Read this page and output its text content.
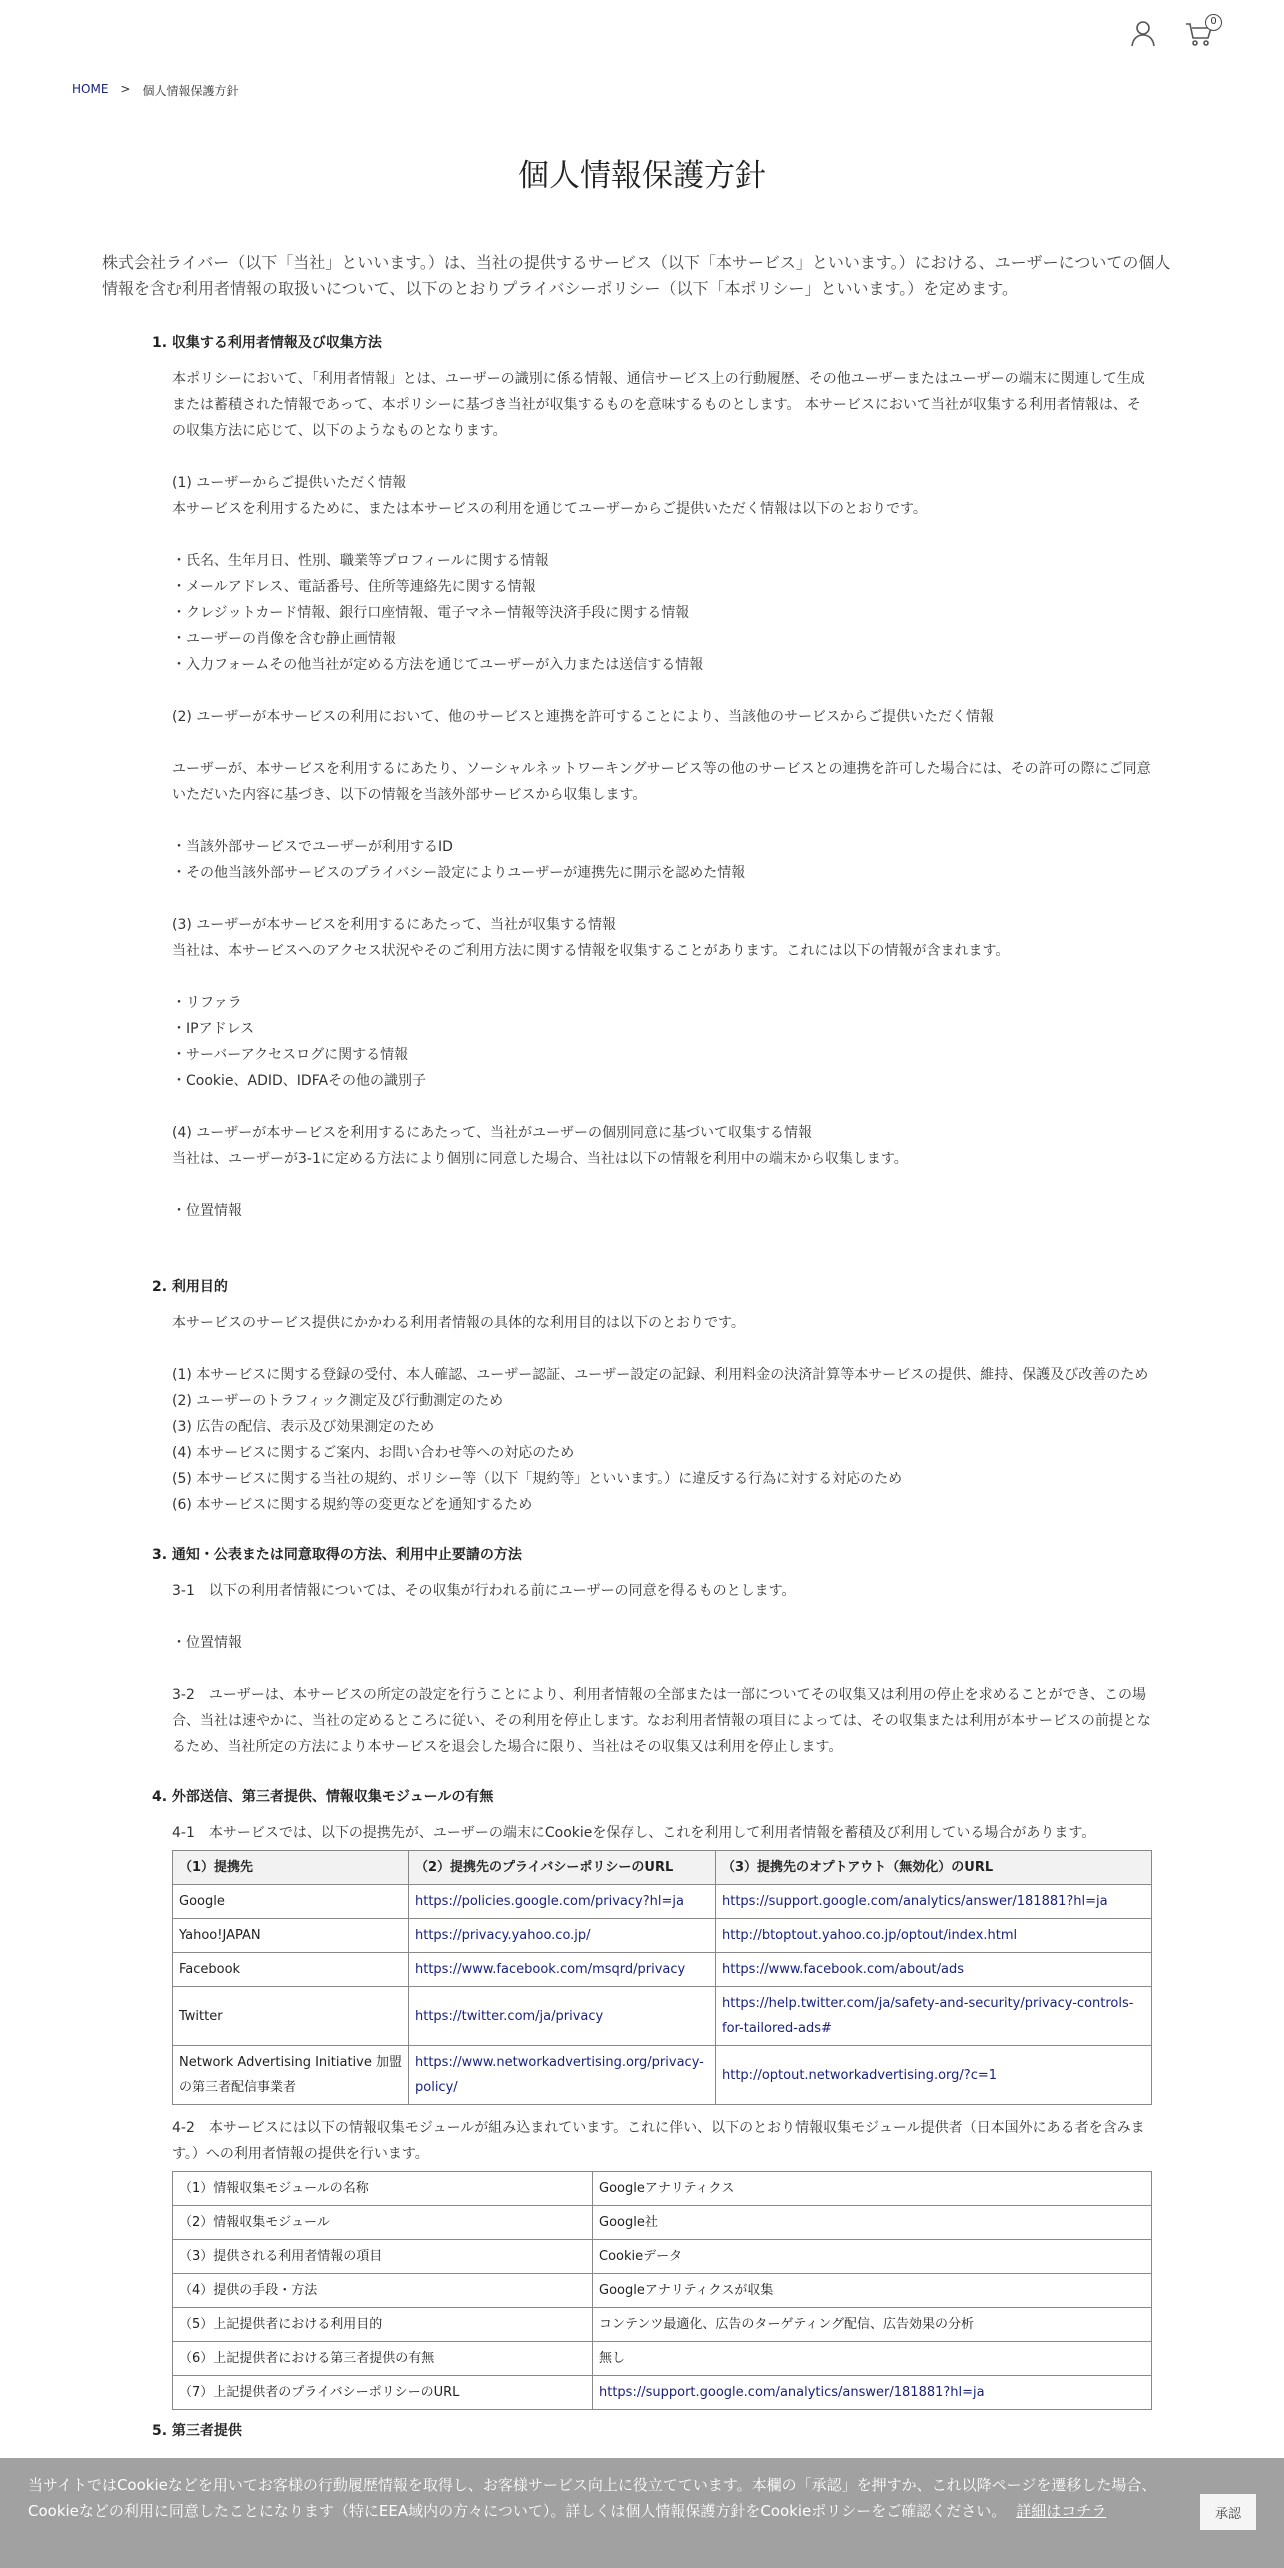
0
HOME > 個人情報保護方針
個人情報保護方針

株式会社ライバー（以下「当社」といいます。）は、当社の提供するサービス（以下「本サービス」といいます。）における、ユーザーについての個人情報を含む利用者情報の取扱いについて、以下のとおりプライバシーポリシー（以下「本ポリシー」といいます。）を定めます。

1. 収集する利用者情報及び収集方法

本ポリシーにおいて、「利用者情報」とは、ユーザーの識別に係る情報、通信サービス上の行動履歴、その他ユーザーまたはユーザーの端末に関連して生成または蓄積された情報であって、本ポリシーに基づき当社が収集するものを意味するものとします。 本サービスにおいて当社が収集する利用者情報は、その収集方法に応じて、以下のようなものとなります。

(1) ユーザーからご提供いただく情報

本サービスを利用するために、または本サービスの利用を通じてユーザーからご提供いただく情報は以下のとおりです。

・氏名、生年月日、性別、職業等プロフィールに関する情報

・メールアドレス、電話番号、住所等連絡先に関する情報

・クレジットカード情報、銀行口座情報、電子マネー情報等決済手段に関する情報

・ユーザーの肖像を含む静止画情報

・入力フォームその他当社が定める方法を通じてユーザーが入力または送信する情報

(2) ユーザーが本サービスの利用において、他のサービスと連携を許可することにより、当該他のサービスからご提供いただく情報

ユーザーが、本サービスを利用するにあたり、ソーシャルネットワーキングサービス等の他のサービスとの連携を許可した場合には、その許可の際にご同意いただいた内容に基づき、以下の情報を当該外部サービスから収集します。

・当該外部サービスでユーザーが利用するID

・その他当該外部サービスのプライバシー設定によりユーザーが連携先に開示を認めた情報

(3) ユーザーが本サービスを利用するにあたって、当社が収集する情報

当社は、本サービスへのアクセス状況やそのご利用方法に関する情報を収集することがあります。これには以下の情報が含まれます。

・リファラ

・IPアドレス

・サーバーアクセスログに関する情報

・Cookie、ADID、IDFAその他の識別子

(4) ユーザーが本サービスを利用するにあたって、当社がユーザーの個別同意に基づいて収集する情報

当社は、ユーザーが3-1に定める方法により個別に同意した場合、当社は以下の情報を利用中の端末から収集します。

・位置情報

2. 利用目的

本サービスのサービス提供にかかわる利用者情報の具体的な利用目的は以下のとおりです。

(1) 本サービスに関する登録の受付、本人確認、ユーザー認証、ユーザー設定の記録、利用料金の決済計算等本サービスの提供、維持、保護及び改善のため

(2) ユーザーのトラフィック測定及び行動測定のため

(3) 広告の配信、表示及び効果測定のため

(4) 本サービスに関するご案内、お問い合わせ等への対応のため

(5) 本サービスに関する当社の規約、ポリシー等（以下「規約等」といいます。）に違反する行為に対する対応のため

(6) 本サービスに関する規約等の変更などを通知するため

3. 通知・公表または同意取得の方法、利用中止要請の方法

3-1　以下の利用者情報については、その収集が行われる前にユーザーの同意を得るものとします。

・位置情報

3-2　ユーザーは、本サービスの所定の設定を行うことにより、利用者情報の全部または一部についてその収集又は利用の停止を求めることができ、この場合、当社は速やかに、当社の定めるところに従い、その利用を停止します。なお利用者情報の項目によっては、その収集または利用が本サービスの前提となるため、当社所定の方法により本サービスを退会した場合に限り、当社はその収集又は利用を停止します。

4. 外部送信、第三者提供、情報収集モジュールの有無

4-1　本サービスでは、以下の提携先が、ユーザーの端末にCookieを保存し、これを利用して利用者情報を蓄積及び利用している場合があります。

（1）提携先	（2）提携先のプライバシーポリシーのURL	（3）提携先のオプトアウト（無効化）のURL
Google	https://policies.google.com/privacy?hl=ja	https://support.google.com/analytics/answer/181881?hl=ja
Yahoo!JAPAN	https://privacy.yahoo.co.jp/	http://btoptout.yahoo.co.jp/optout/index.html
Facebook	https://www.facebook.com/msqrd/privacy	https://www.facebook.com/about/ads
Twitter	https://twitter.com/ja/privacy	https://help.twitter.com/ja/safety-and-security/privacy-controls-for-tailored-ads#
Network Advertising Initiative 加盟の第三者配信事業者	https://www.networkadvertising.org/privacy-policy/	http://optout.networkadvertising.org/?c=1

4-2　本サービスには以下の情報収集モジュールが組み込まれています。これに伴い、以下のとおり情報収集モジュール提供者（日本国外にある者を含みます。）への利用者情報の提供を行います。

（1）情報収集モジュールの名称	Googleアナリティクス
（2）情報収集モジュール	Google社
（3）提供される利用者情報の項目	Cookieデータ
（4）提供の手段・方法	Googleアナリティクスが収集
（5）上記提供者における利用目的	コンテンツ最適化、広告のターゲティング配信、広告効果の分析
（6）上記提供者における第三者提供の有無	無し
（7）上記提供者のプライバシーポリシーのURL	https://support.google.com/analytics/answer/181881?hl=ja
5. 第三者提供
当サイトではCookieなどを用いてお客様の行動履歴情報を取得し、お客様サービス向上に役立てています。本欄の「承認」を押すか、これ以降ページを遷移した場合、Cookieなどの利用に同意したことになります（特にEEA域内の方々について）。詳しくは個人情報保護方針をCookieポリシーをご確認ください。 詳細はコチラ	承認
